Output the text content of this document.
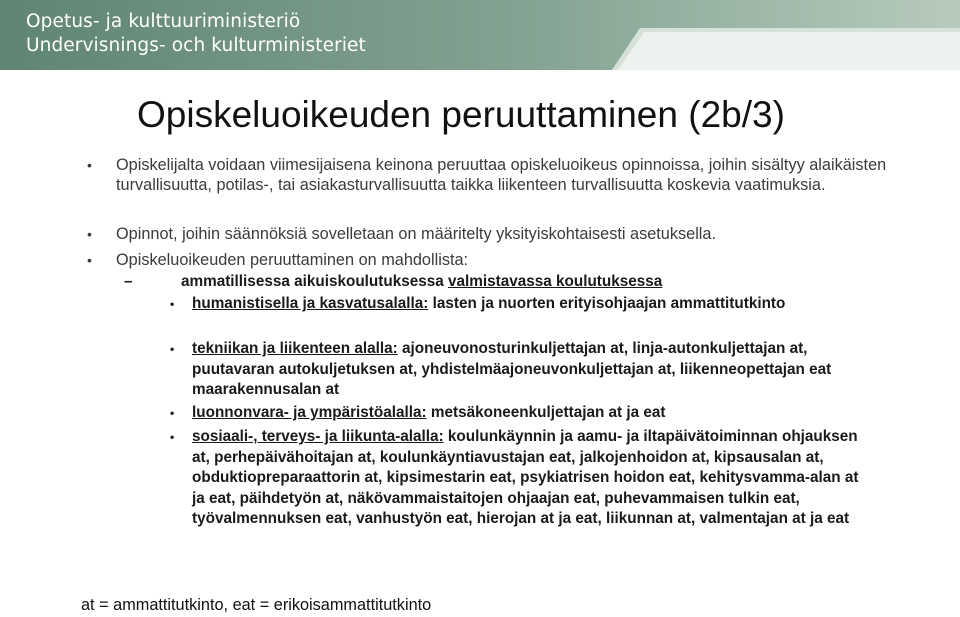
Opetus- ja kulttuuriministeriö
Undervisnings- och kulturministeriet
Opiskeluoikeuden peruuttaminen (2b/3)
• Opiskelijalta voidaan viimesijaisena keinona peruuttaa opiskeluoikeus opinnoissa, joihin sisältyy alaikäisten turvallisuutta, potilas-, tai asiakasturvallisuutta taikka liikenteen turvallisuutta koskevia vaatimuksia.
• Opinnot, joihin säännöksiä sovelletaan on määritelty yksityiskohtaisesti asetuksella.
• Opiskeluoikeuden peruuttaminen on mahdollista:
–	ammatillisessa aikuiskoulutuksessa valmistavassa koulutuksessa
• humanistisella ja kasvatusalalla: lasten ja nuorten erityisohjaajan ammattitutkinto
• tekniikan ja liikenteen alalla: ajoneuvonosturinkuljettajan at, linja-autonkuljettajan at, puutavaran autokuljetuksen at, yhdistelmäajoneuvonkuljettajan at, liikenneopettajan eat maarakennusalan at
• luonnonvara- ja ympäristöalalla: metsäkoneenkuljettajan at ja eat
• sosiaali-, terveys- ja liikunta-alalla: koulunkäynnin ja aamu- ja iltapäivätoiminnan ohjauksen at, perhepäivähoitajan at, koulunkäyntiavustajan eat, jalkojenhoidon at, kipsausalan at, obduktiopreparaattorin at, kipsimestarin eat, psykiatrisen hoidon eat, kehitysvamma-alan at ja eat, päihdetyön at, näkövammaistaitojen ohjaajan eat, puhevammaisen tulkin eat, työvalmennuksen eat, vanhustyön eat, hierojan at ja eat, liikunnan at, valmentajan at ja eat
at = ammattitutkinto, eat = erikoisammattitutkinto
